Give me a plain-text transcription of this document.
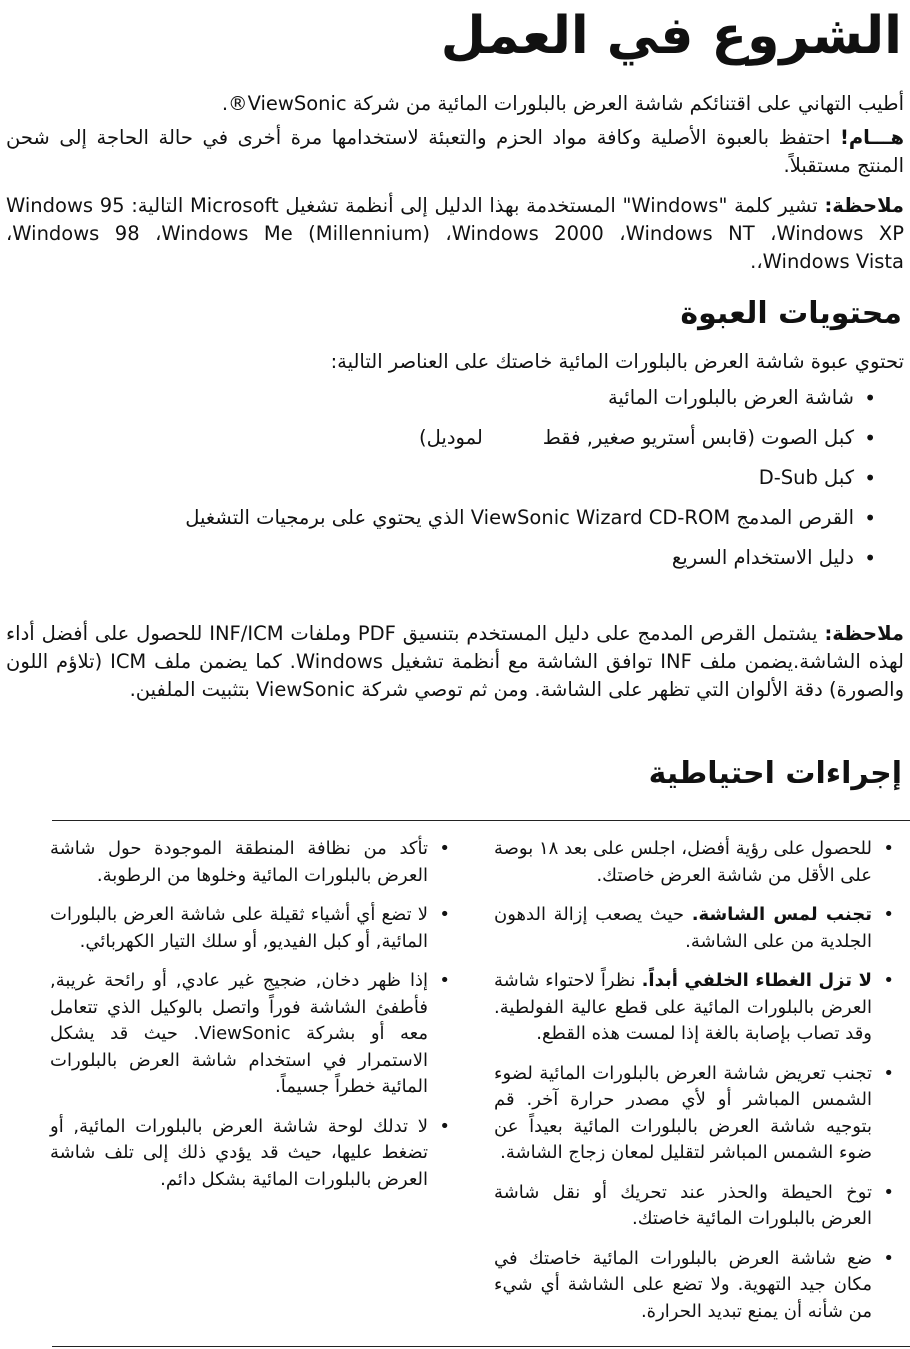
الشروع في العمل

أطيب التهاني على اقتنائكم شاشة العرض بالبلورات المائية من شركة ViewSonic®.

هـــام! احتفظ بالعبوة الأصلية وكافة مواد الحزم والتعبئة لاستخدامها مرة أخرى في حالة الحاجة إلى شحن المنتج مستقبلاً.

ملاحظة: تشير كلمة "Windows" المستخدمة بهذا الدليل إلى أنظمة تشغيل Microsoft التالية: Windows 95 ،Windows 98 ،Windows Me (Millennium) ،Windows 2000 ،Windows NT ،Windows XP ،Windows Vista.

محتويات العبوة

تحتوي عبوة شاشة العرض بالبلورات المائية خاصتك على العناصر التالية:

• شاشة العرض بالبلورات المائية
• كبل الصوت (قابس أستريو صغير, فقطلموديل)
• كبل D-Sub
• القرص المدمج ViewSonic Wizard CD-ROM الذي يحتوي على برمجيات التشغيل
• دليل الاستخدام السريع

ملاحظة: يشتمل القرص المدمج على دليل المستخدم بتنسيق PDF وملفات INF/ICM للحصول على أفضل أداء لهذه الشاشة.يضمن ملف INF توافق الشاشة مع أنظمة تشغيل Windows. كما يضمن ملف ICM (تلاؤم اللون والصورة) دقة الألوان التي تظهر على الشاشة. ومن ثم توصي شركة ViewSonic بتثبيت الملفين.

إجراءات احتياطية
• للحصول على رؤية أفضل، اجلس على بعد ١٨ بوصة على الأقل من شاشة العرض خاصتك.
• تجنب لمس الشاشة. حيث يصعب إزالة الدهون الجلدية من على الشاشة.
• لا تزل الغطاء الخلفي أبداً. نظراً لاحتواء شاشة العرض بالبلورات المائية على قطع عالية الفولطية. وقد تصاب بإصابة بالغة إذا لمست هذه القطع.
• تجنب تعريض شاشة العرض بالبلورات المائية لضوء الشمس المباشر أو لأي مصدر حرارة آخر. قم بتوجيه شاشة العرض بالبلورات المائية بعيداً عن ضوء الشمس المباشر لتقليل لمعان زجاج الشاشة.
• توخ الحيطة والحذر عند تحريك أو نقل شاشة العرض بالبلورات المائية خاصتك.
• ضع شاشة العرض بالبلورات المائية خاصتك في مكان جيد التهوية. ولا تضع على الشاشة أي شيء من شأنه أن يمنع تبديد الحرارة.
• تأكد من نظافة المنطقة الموجودة حول شاشة العرض بالبلورات المائية وخلوها من الرطوبة.
• لا تضع أي أشياء ثقيلة على شاشة العرض بالبلورات المائية, أو كبل الفيديو, أو سلك التيار الكهربائي.
• إذا ظهر دخان, ضجيج غير عادي, أو رائحة غريبة, فأطفئ الشاشة فوراً واتصل بالوكيل الذي تتعامل معه أو بشركة ViewSonic. حيث قد يشكل الاستمرار في استخدام شاشة العرض بالبلورات المائية خطراً جسيماً.
• لا تدلك لوحة شاشة العرض بالبلورات المائية, أو تضغط عليها، حيث قد يؤدي ذلك إلى تلف شاشة العرض بالبلورات المائية بشكل دائم.
